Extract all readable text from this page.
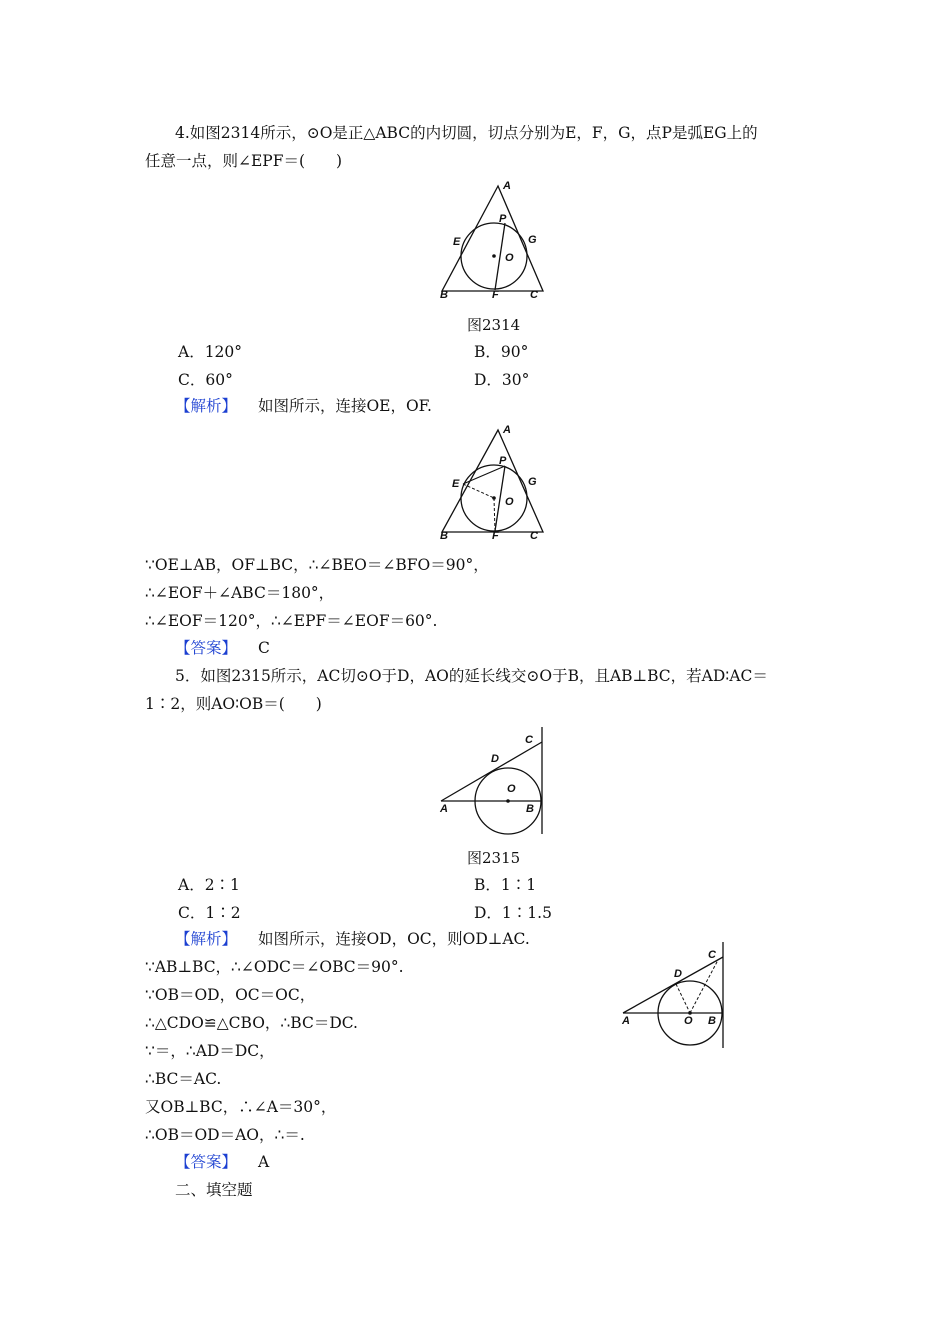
4.如图2314所示，⊙O是正△ABC的内切圆，切点分别为E，F，G，点P是弧EG上的
任意一点，则∠EPF＝(　　)
A
P
E	G
O
B	F	C
图2314
A．120°	B．90°
C．60°	D．30°
【解析】 如图所示，连接OE，OF.
A
P
E	G
O
B	F	C
∵OE⊥AB，OF⊥BC，∴∠BEO＝∠BFO＝90°，
∴∠EOF＋∠ABC＝180°，
∴∠EOF＝120°，∴∠EPF＝∠EOF＝60°.
【答案】 C
5．如图2315所示，AC切⊙O于D，AO的延长线交⊙O于B，且AB⊥BC，若AD∶AC＝
1∶2，则AO∶OB＝(　　)
C
D
O
A	B
图2315
A．2∶1	B．1∶1
C．1∶2	D．1∶1.5
【解析】 如图所示，连接OD，OC，则OD⊥AC.
∵AB⊥BC，∴∠ODC＝∠OBC＝90°.
∵OB＝OD，OC＝OC，
∴△CDO≌△CBO，∴BC＝DC.
∵＝，∴AD＝DC，
∴BC＝AC.
又OB⊥BC，∴∠A＝30°，
∴OB＝OD＝AO，∴＝.
C
D
A	O B
【答案】 A
二、填空题
